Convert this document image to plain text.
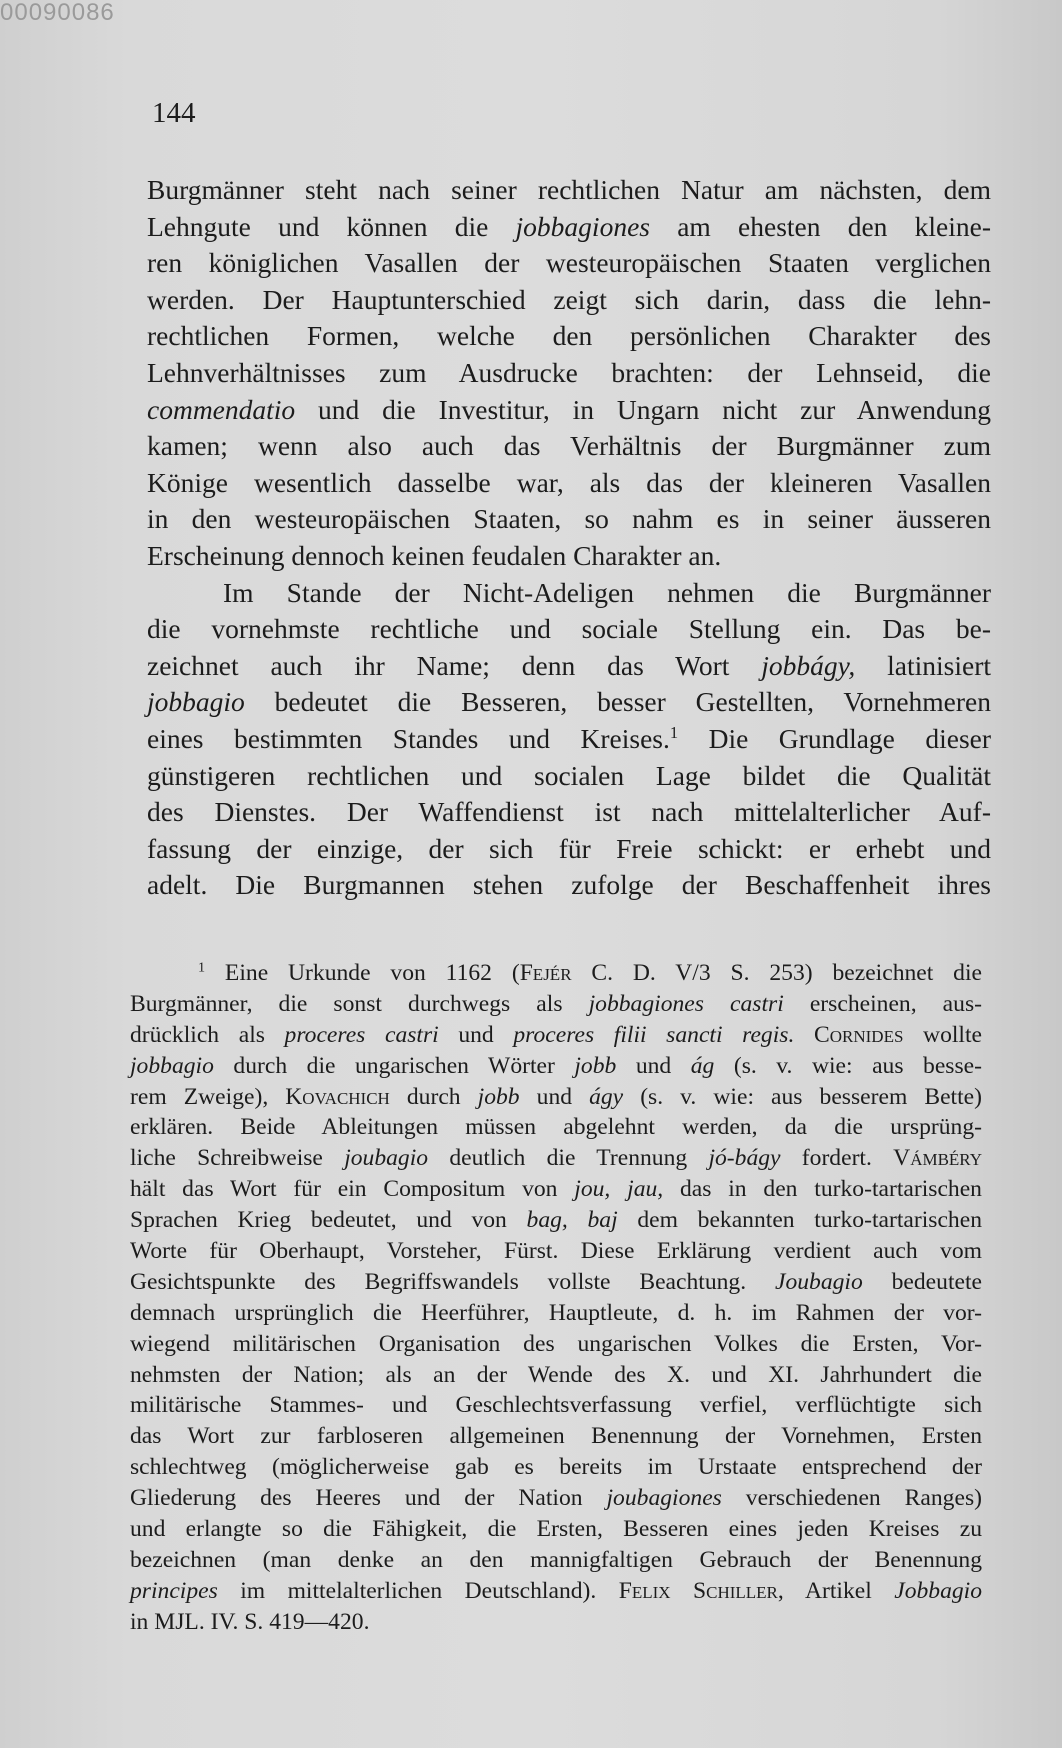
00090086
144
Burgmänner steht nach seiner rechtlichen Natur am nächsten, dem
Lehngute und können die jobbagiones am ehesten den kleine-
ren königlichen Vasallen der westeuropäischen Staaten verglichen
werden. Der Hauptunterschied zeigt sich darin, dass die lehn-
rechtlichen Formen, welche den persönlichen Charakter des
Lehnverhältnisses zum Ausdrucke brachten: der Lehnseid, die
commendatio und die Investitur, in Ungarn nicht zur Anwendung
kamen; wenn also auch das Verhältnis der Burgmänner zum
Könige wesentlich dasselbe war, als das der kleineren Vasallen
in den westeuropäischen Staaten, so nahm es in seiner äusseren
Erscheinung dennoch keinen feudalen Charakter an.
Im Stande der Nicht-Adeligen nehmen die Burgmänner
die vornehmste rechtliche und sociale Stellung ein. Das be-
zeichnet auch ihr Name; denn das Wort jobbágy, latinisiert
jobbagio bedeutet die Besseren, besser Gestellten, Vornehmeren
eines bestimmten Standes und Kreises.$^1$ Die Grundlage dieser
günstigeren rechtlichen und socialen Lage bildet die Qualität
des Dienstes. Der Waffendienst ist nach mittelalterlicher Auf-
fassung der einzige, der sich für Freie schickt: er erhebt und
adelt. Die Burgmannen stehen zufolge der Beschaffenheit ihres
$^1$ Eine Urkunde von 1162 (Fejér C. D. V/3 S. 253) bezeichnet die
Burgmänner, die sonst durchwegs als jobbagiones castri erscheinen, aus-
drücklich als proceres castri und proceres filii sancti regis. Cornides wollte
jobbagio durch die ungarischen Wörter jobb und ág (s. v. wie: aus besse-
rem Zweige), Kovachich durch jobb und ágy (s. v. wie: aus besserem Bette)
erklären. Beide Ableitungen müssen abgelehnt werden, da die ursprüng-
liche Schreibweise joubagio deutlich die Trennung jó-bágy fordert. Vámbéry
hält das Wort für ein Compositum von jou, jau, das in den turko-tartarischen
Sprachen Krieg bedeutet, und von bag, baj dem bekannten turko-tartarischen
Worte für Oberhaupt, Vorsteher, Fürst. Diese Erklärung verdient auch vom
Gesichtspunkte des Begriffswandels vollste Beachtung. Joubagio bedeutete
demnach ursprünglich die Heerführer, Hauptleute, d. h. im Rahmen der vor-
wiegend militärischen Organisation des ungarischen Volkes die Ersten, Vor-
nehmsten der Nation; als an der Wende des X. und XI. Jahrhundert die
militärische Stammes- und Geschlechtsverfassung verfiel, verflüchtigte sich
das Wort zur farbloseren allgemeinen Benennung der Vornehmen, Ersten
schlechtweg (möglicherweise gab es bereits im Urstaate entsprechend der
Gliederung des Heeres und der Nation joubagiones verschiedenen Ranges)
und erlangte so die Fähigkeit, die Ersten, Besseren eines jeden Kreises zu
bezeichnen (man denke an den mannigfaltigen Gebrauch der Benennung
principes im mittelalterlichen Deutschland). Felix Schiller, Artikel Jobbagio
in MJL. IV. S. 419—420.
